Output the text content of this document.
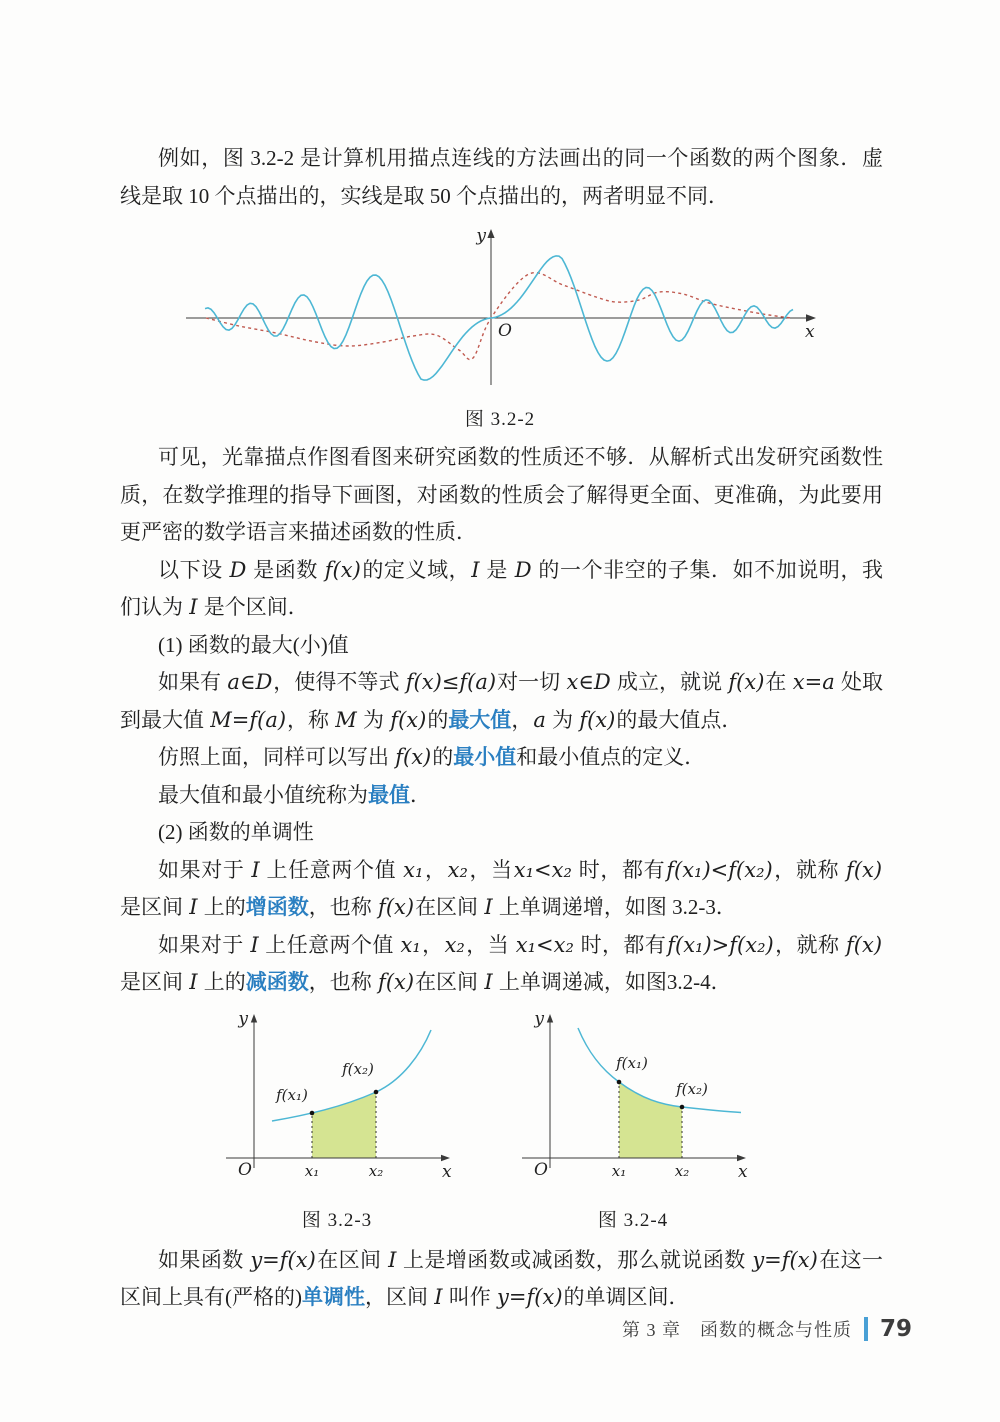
例如，图 3.2-2 是计算机用描点连线的方法画出的同一个函数的两个图象．虚线是取 10 个点描出的，实线是取 50 个点描出的，两者明显不同．

y
x
O
图 3.2-2

可见，光靠描点作图看图来研究函数的性质还不够．从解析式出发研究函数性质，在数学推理的指导下画图，对函数的性质会了解得更全面、更准确，为此要用更严密的数学语言来描述函数的性质．

以下设 D 是函数 f(x)的定义域，I 是 D 的一个非空的子集．如不加说明，我们认为 I 是个区间．

(1) 函数的最大(小)值

如果有 a∈D，使得不等式 f(x)≤f(a)对一切 x∈D 成立，就说 f(x)在 x=a 处取到最大值 M=f(a)，称 M 为 f(x)的最大值，a 为 f(x)的最大值点．

仿照上面，同样可以写出 f(x)的最小值和最小值点的定义．

最大值和最小值统称为最值．

(2) 函数的单调性

如果对于 I 上任意两个值 x₁，x₂，当x₁<x₂ 时，都有f(x₁)<f(x₂)，就称 f(x)是区间 I 上的增函数，也称 f(x)在区间 I 上单调递增，如图 3.2-3．

如果对于 I 上任意两个值 x₁，x₂，当 x₁<x₂ 时，都有f(x₁)>f(x₂)，就称 f(x)是区间 I 上的减函数，也称 f(x)在区间 I 上单调递减，如图3.2-4．

f(x₁)
f(x₂)
y
x
O	x₁	x₂
图 3.2-3
f(x₁)
f(x₂)
y
x
O	x₁	x₂
图 3.2-4

如果函数 y=f(x)在区间 I 上是增函数或减函数，那么就说函数 y=f(x)在这一区间上具有(严格的)单调性，区间 I 叫作 y=f(x)的单调区间．

第 3 章　函数的概念与性质 79
